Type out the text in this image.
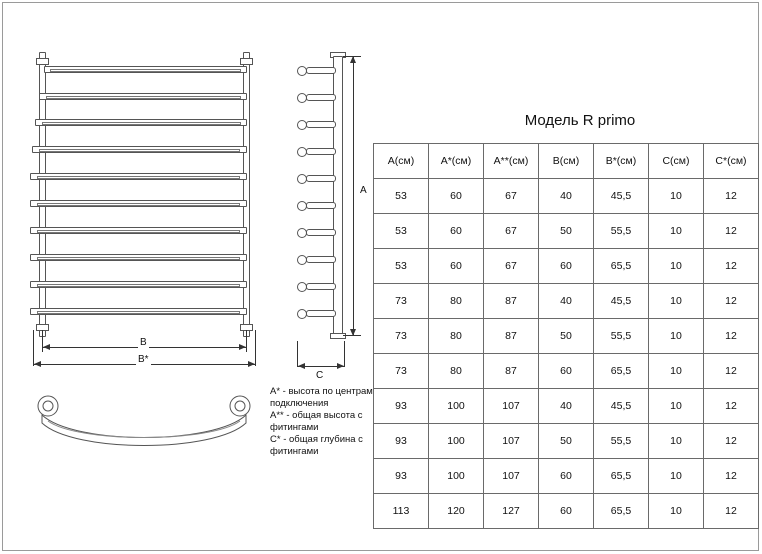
B
B*
A
C
А* - высота по центрам подключения
А** - общая высота с фитингами
С* - общая глубина с фитингами
Модель R primo
А(см)	А*(см)	А**(см)	В(см)	В*(см)	С(см)	С*(см)
53	60	67	40	45,5	10	12
53	60	67	50	55,5	10	12
53	60	67	60	65,5	10	12
73	80	87	40	45,5	10	12
73	80	87	50	55,5	10	12
73	80	87	60	65,5	10	12
93	100	107	40	45,5	10	12
93	100	107	50	55,5	10	12
93	100	107	60	65,5	10	12
113	120	127	60	65,5	10	12
